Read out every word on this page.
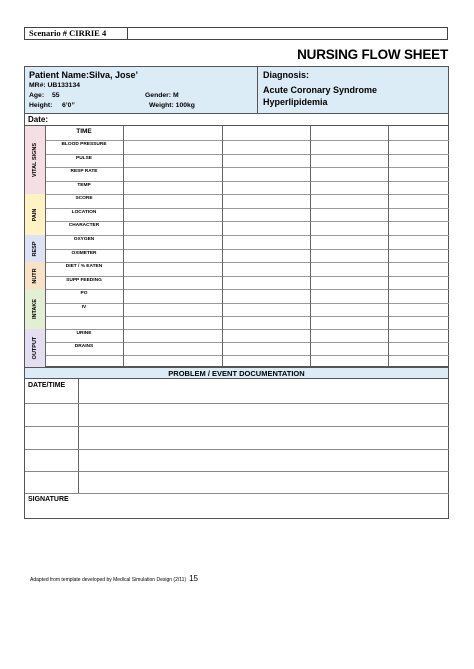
Scenario # CIRRIE 4
NURSING FLOW SHEET
Patient Name:Silva, Jose’
MR#: UB133134
Age: 55	Gender: M
Height: 6’0”	Weight: 100kg
Diagnosis:
Acute Coronary Syndrome
Hyperlipidemia
Date:
VITAL SIGNS
PAIN
RESP
NUTR
INTAKE
OUTPUT
TIME
BLOOD PRESSURE
PULSE
RESP RATE
TEMP
SCORE
LOCATION
CHARACTER
OXYGEN
OXIMETER
DIET / % EATEN
SUPP FEEDING
PO
IV
URINE
DRAINS
PROBLEM / EVENT DOCUMENTATION
DATE/TIME
SIGNATURE
Adapted from template developed by Medical Simulation Design (2/11) 15
